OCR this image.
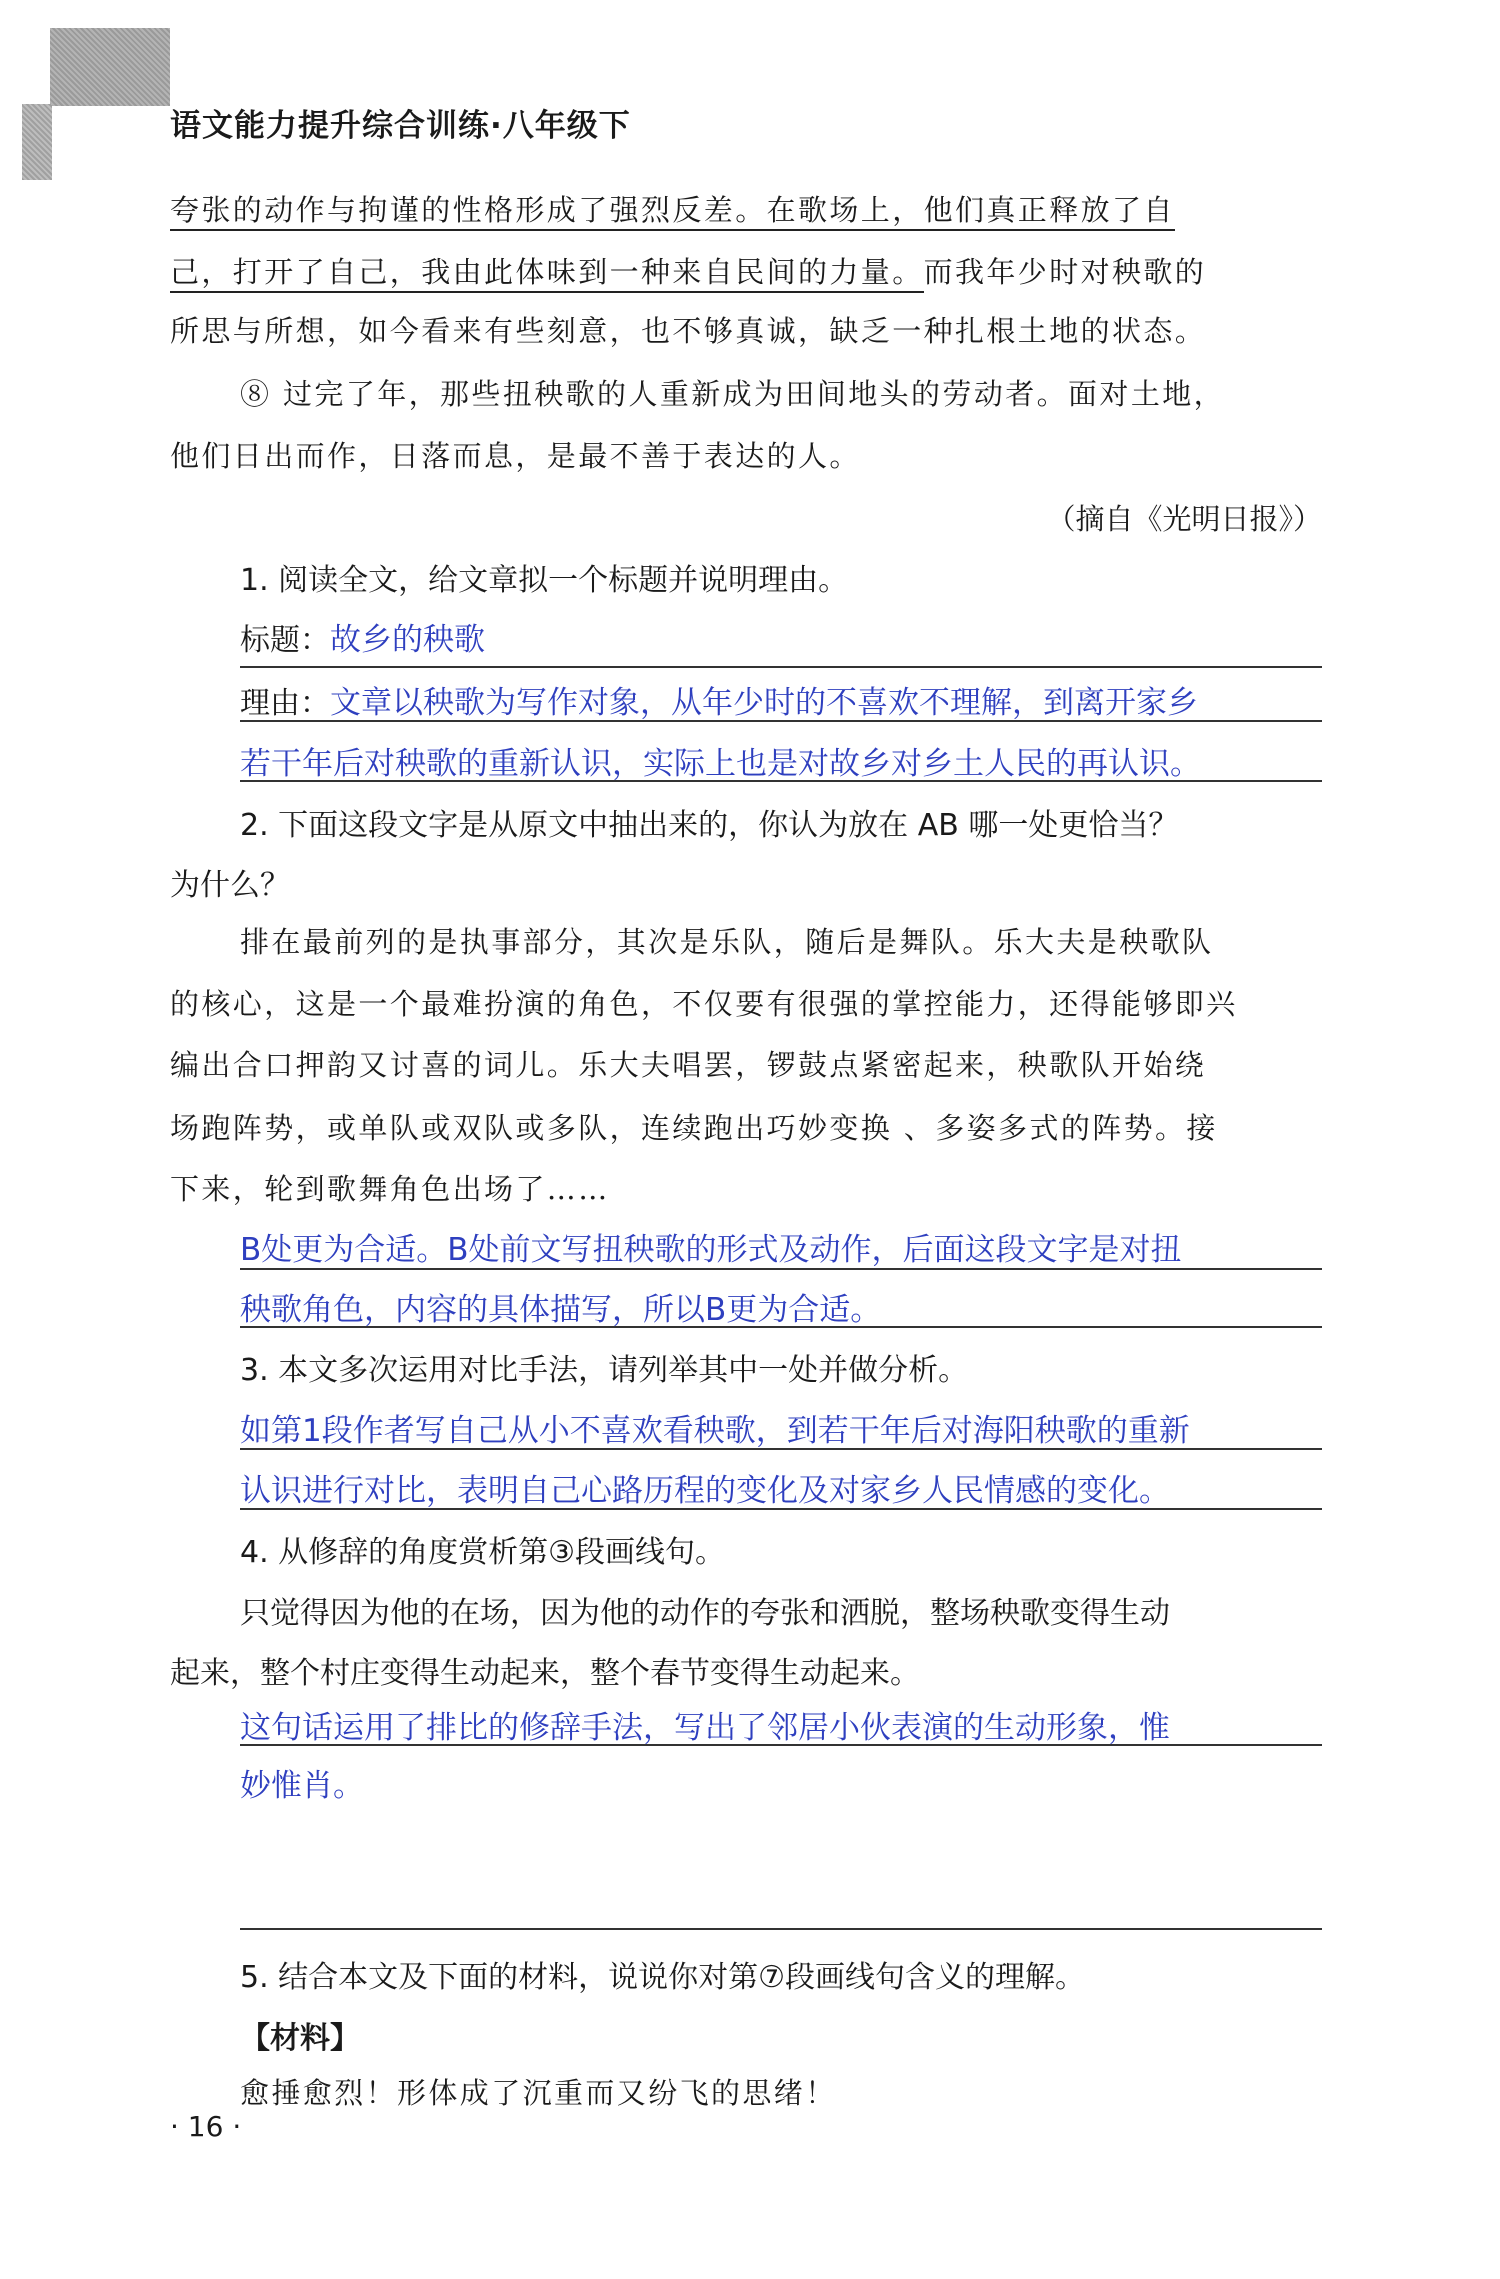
语文能力提升综合训练·八年级下
夸张的动作与拘谨的性格形成了强烈反差。在歌场上，他们真正释放了自
己，打开了自己，我由此体味到一种来自民间的力量。而我年少时对秧歌的
所思与所想，如今看来有些刻意，也不够真诚，缺乏一种扎根土地的状态。
⑧ 过完了年，那些扭秧歌的人重新成为田间地头的劳动者。面对土地，
他们日出而作，日落而息，是最不善于表达的人。
（摘自《光明日报》）
1. 阅读全文，给文章拟一个标题并说明理由。
标题：故乡的秧歌
理由：文章以秧歌为写作对象，从年少时的不喜欢不理解，到离开家乡
若干年后对秧歌的重新认识，实际上也是对故乡对乡土人民的再认识。
2. 下面这段文字是从原文中抽出来的，你认为放在 AB 哪一处更恰当？
为什么？
排在最前列的是执事部分，其次是乐队，随后是舞队。乐大夫是秧歌队
的核心，这是一个最难扮演的角色，不仅要有很强的掌控能力，还得能够即兴
编出合口押韵又讨喜的词儿。乐大夫唱罢，锣鼓点紧密起来，秧歌队开始绕
场跑阵势，或单队或双队或多队，连续跑出巧妙变换 、多姿多式的阵势。接
下来，轮到歌舞角色出场了……
B处更为合适。B处前文写扭秧歌的形式及动作，后面这段文字是对扭
秧歌角色，内容的具体描写，所以B更为合适。
3. 本文多次运用对比手法，请列举其中一处并做分析。
如第1段作者写自己从小不喜欢看秧歌，到若干年后对海阳秧歌的重新
认识进行对比，表明自己心路历程的变化及对家乡人民情感的变化。
4. 从修辞的角度赏析第③段画线句。
只觉得因为他的在场，因为他的动作的夸张和洒脱，整场秧歌变得生动
起来，整个村庄变得生动起来，整个春节变得生动起来。
这句话运用了排比的修辞手法，写出了邻居小伙表演的生动形象，惟
妙惟肖。
5. 结合本文及下面的材料，说说你对第⑦段画线句含义的理解。
【材料】
愈捶愈烈！形体成了沉重而又纷飞的思绪！
· 16 ·
